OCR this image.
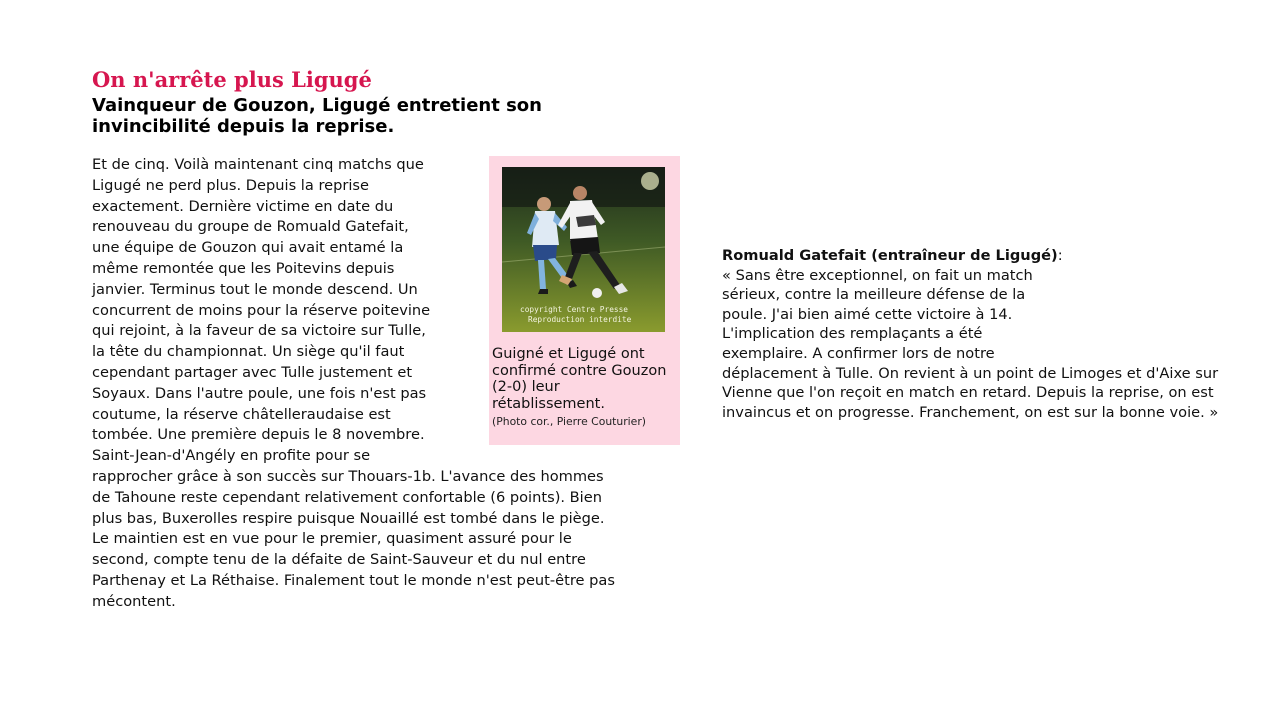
On n'arrête plus Ligugé
Vainqueur de Gouzon, Ligugé entretient son invincibilité depuis la reprise.
Et de cinq. Voilà maintenant cinq matchs que
Ligugé ne perd plus. Depuis la reprise
exactement. Dernière victime en date du
renouveau du groupe de Romuald Gatefait,
une équipe de Gouzon qui avait entamé la
même remontée que les Poitevins depuis
janvier. Terminus tout le monde descend. Un
concurrent de moins pour la réserve poitevine
qui rejoint, à la faveur de sa victoire sur Tulle,
la tête du championnat. Un siège qu'il faut
cependant partager avec Tulle justement et
Soyaux. Dans l'autre poule, une fois n'est pas
coutume, la réserve châtelleraudaise est
tombée. Une première depuis le 8 novembre.
Saint-Jean-d'Angély en profite pour se
rapprocher grâce à son succès sur Thouars-1b. L'avance des hommes
de Tahoune reste cependant relativement confortable (6 points). Bien
plus bas, Buxerolles respire puisque Nouaillé est tombé dans le piège.
Le maintien est en vue pour le premier, quasiment assuré pour le
second, compte tenu de la défaite de Saint-Sauveur et du nul entre
Parthenay et La Réthaise. Finalement tout le monde n'est peut-être pas
mécontent.
copyright Centre Presse
Reproduction interdite
Guigné et Ligugé ont confirmé contre Gouzon (2-0) leur rétablissement.
(Photo cor., Pierre Couturier)
Romuald Gatefait (entraîneur de Ligugé):
« Sans être exceptionnel, on fait un match
sérieux, contre la meilleure défense de la
poule. J'ai bien aimé cette victoire à 14.
L'implication des remplaçants a été
exemplaire. A confirmer lors de notre
déplacement à Tulle. On revient à un point de Limoges et d'Aixe sur
Vienne que l'on reçoit en match en retard. Depuis la reprise, on est
invaincus et on progresse. Franchement, on est sur la bonne voie. »
